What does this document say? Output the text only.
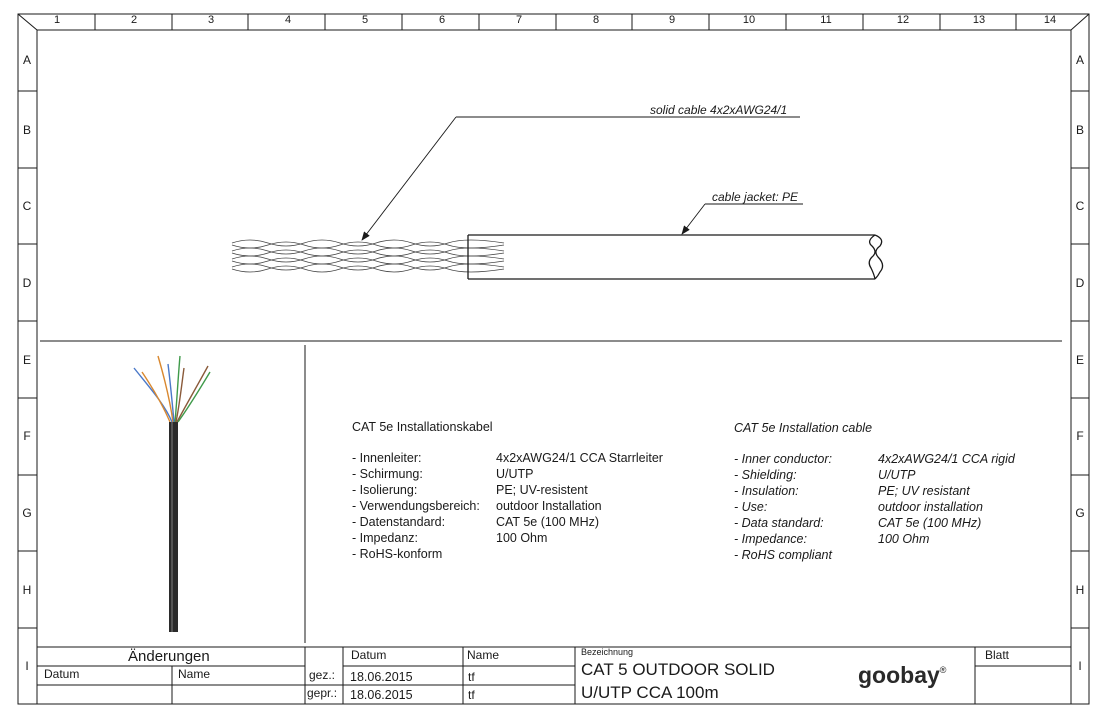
1	2	3	4	5	6	7	8	9	10	11	12	13	14
A
B
C
D
E
F
G
H
I
A
B
C
D
E
F
G
H
I
solid cable 4x2xAWG24/1
cable jacket: PE
CAT 5e Installationskabel
- Innenleiter:	4x2xAWG24/1 CCA Starrleiter
- Schirmung:	U/UTP
- Isolierung:	PE; UV-resistent
- Verwendungsbereich: outdoor Installation
- Datenstandard:	CAT 5e (100 MHz)
- Impedanz:	100 Ohm
- RoHS-konform
CAT 5e Installation cable
- Inner conductor:	4x2xAWG24/1 CCA rigid
- Shielding:	U/UTP
- Insulation:	PE; UV resistant
- Use:	outdoor installation
- Data standard:	CAT 5e (100 MHz)
- Impedance:	100 Ohm
- RoHS compliant
Änderungen
Datum	Name
Datum	Name
gez.: 18.06.2015	tf
gepr.: 18.06.2015	tf
Bezeichnung
CAT 5 OUTDOOR SOLID
U/UTP CCA 100m
Blatt
goobay®
